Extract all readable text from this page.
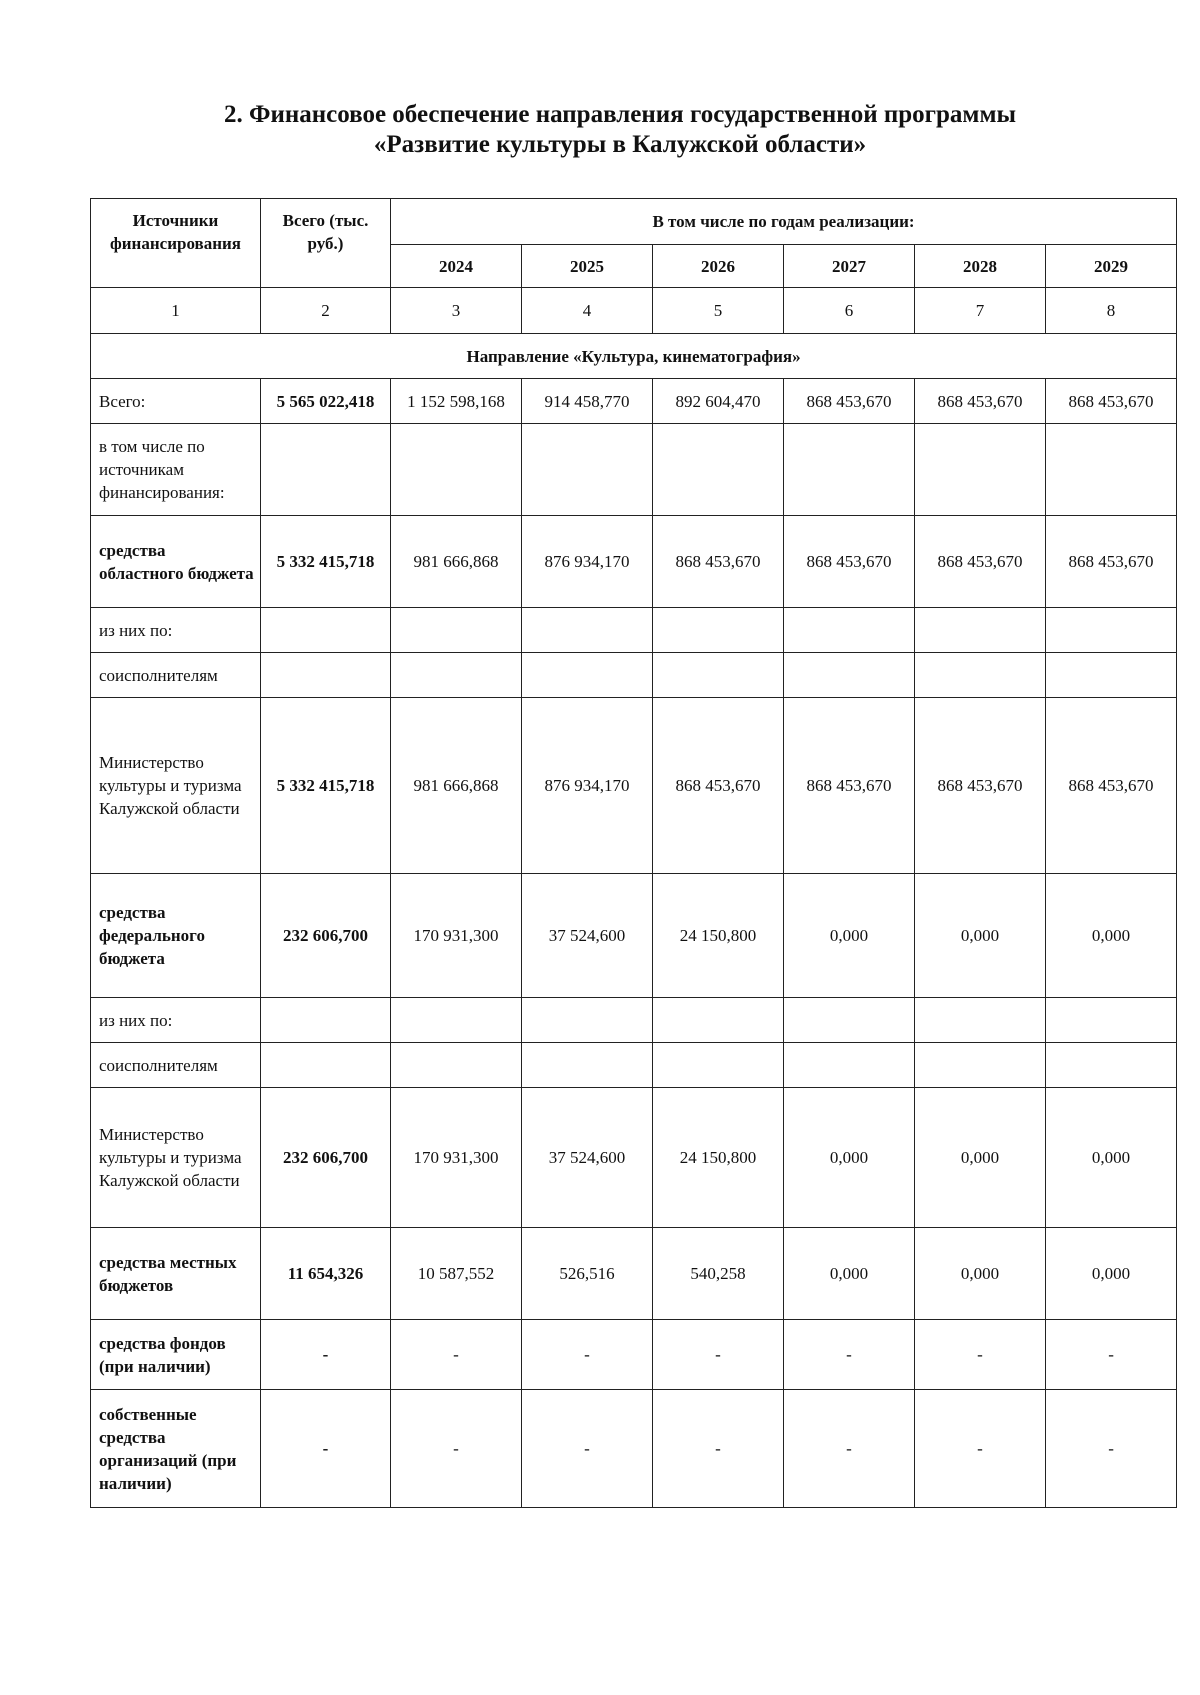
2. Финансовое обеспечение направления государственной программы
«Развитие культуры в Калужской области»
Источники финансирования	Всего (тыс. руб.)	В том числе по годам реализации:					
		2024	2025	2026	2027	2028	2029
1	2	3	4	5	6	7	8
Направление «Культура, кинематография»							
Всего:	5 565 022,418	1 152 598,168	914 458,770	892 604,470	868 453,670	868 453,670	868 453,670
в том числе по источникам финансирования:							
средства областного бюджета	5 332 415,718	981 666,868	876 934,170	868 453,670	868 453,670	868 453,670	868 453,670
из них по:							
соисполнителям							
Министерство культуры и туризма Калужской области	5 332 415,718	981 666,868	876 934,170	868 453,670	868 453,670	868 453,670	868 453,670
средства федерального бюджета	232 606,700	170 931,300	37 524,600	24 150,800	0,000	0,000	0,000
из них по:							
соисполнителям							
Министерство культуры и туризма Калужской области	232 606,700	170 931,300	37 524,600	24 150,800	0,000	0,000	0,000
средства местных бюджетов	11 654,326	10 587,552	526,516	540,258	0,000	0,000	0,000
средства фондов (при наличии)	-	-	-	-	-	-	-
собственные средства организаций (при наличии)	-	-	-	-	-	-	-
